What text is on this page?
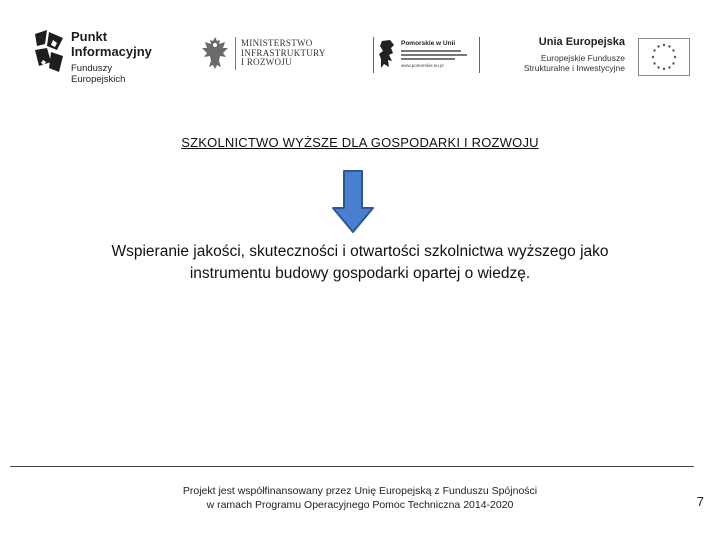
Punkt
Informacyjny
Funduszy Europejskich
MINISTERSTWO
INFRASTRUKTURY
I ROZWOJU
Pomorskie w Unii
www.pomorskie.eu.pl
Unia Europejska
Europejskie Fundusze
Strukturalne i Inwestycyjne
SZKOLNICTWO WYŻSZE DLA GOSPODARKI I ROZWOJU
Wspieranie jakości, skuteczności i otwartości szkolnictwa wyższego jako
instrumentu budowy gospodarki opartej o wiedzę.
Projekt jest współfinansowany przez Unię Europejską z Funduszu Spójności
w ramach Programu Operacyjnego Pomoc Techniczna 2014-2020	7
